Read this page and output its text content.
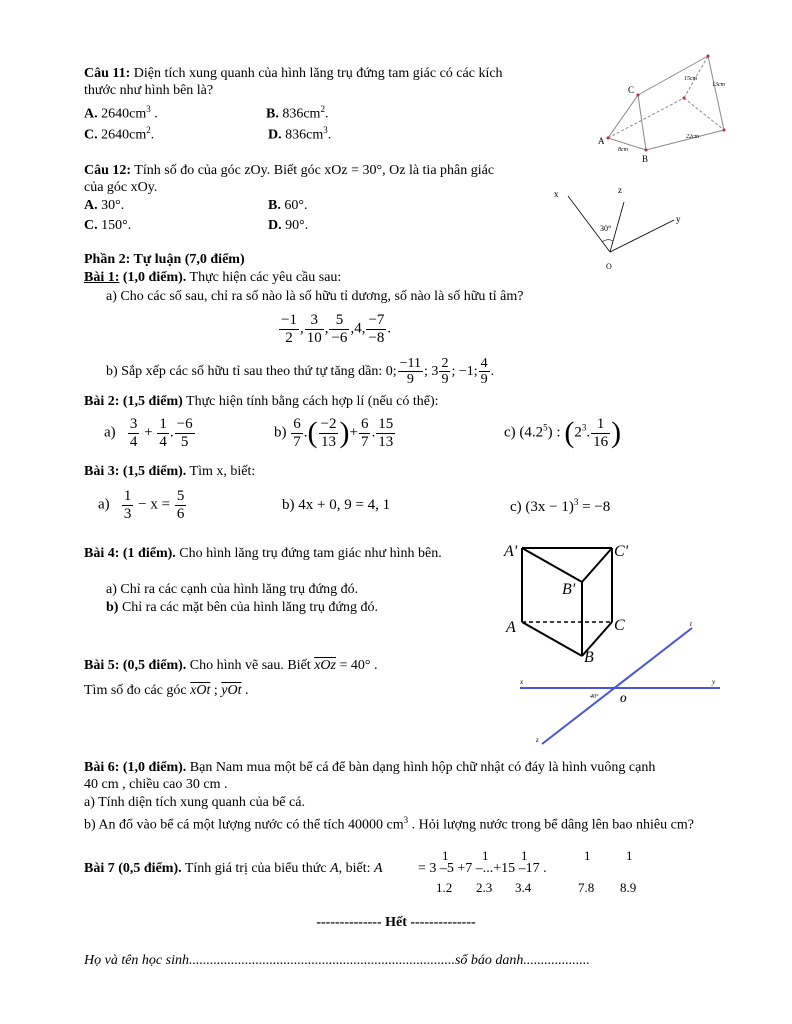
Câu 11: Diện tích xung quanh của hình lăng trụ đứng tam giác có các kích
thước như hình bên là?
A. $2640cm^3$ .	B. $836cm^2$.
C. $2640cm^2$.	D. $836cm^3$.
C
A
B
15cm
13cm
22cm
8cm
Câu 12: Tính số đo của góc zOy. Biết góc xOz = 30°, Oz là tia phân giác
của góc xOy.
A. 30°.	B. 60°.
C. 150°.	D. 90°.
x	z
y
O
30°
Phần 2: Tự luận (7,0 điểm)
Bài 1: (1,0 điểm). Thực hiện các yêu cầu sau:
a) Cho các số sau, chỉ ra số nào là số hữu tỉ dương, số nào là số hữu tỉ âm?
$\frac{-1}{2}$ , $\frac{3}{10}$ , $\frac{5}{-6} ,4$, $\frac{-7}{-8}$ .
b) Sắp xếp các số hữu tỉ sau theo thứ tự tăng dần: 0; $\frac{-11}{9}$ ; $3 \frac{2}{9}$ ; −1; $\frac{4}{9}$ .
Bài 2: (1,5 điểm) Thực hiện tính bằng cách hợp lí (nếu có thể):
$a) \frac{3}{4} + \frac{1}{4}$ . $\frac{-6}{5}$	$b) \frac{6}{7}$ .( $\frac{-2}{13}$ )+ $\frac{6}{7}$ . $\frac{15}{13}$	c) $(4.2^5)$ : ($2^3$. $\frac{1}{16}$ )
Bài 3: (1,5 điểm). Tìm x, biết:
$a) \frac{1}{3} - x = \frac{5}{6}$	b) 4x + 0, 9 = 4, 1	c) $(3x - 1)^3 = -8$
Bài 4: (1 điểm). Cho hình lăng trụ đứng tam giác như hình bên.
a) Chỉ ra các cạnh của hình lăng trụ đứng đó.
b) Chỉ ra các mặt bên của hình lăng trụ đứng đó.
A'	C'
B'
A	C
B
Bài 5: (0,5 điểm). Cho hình vẽ sau. Biết $\overline{xOz} = 40^\circ$ .
Tìm số đo các góc $\overline{xOt}$ ; $\overline{yOt}$ .
x	y
t
z
O
40°
Bài 6: (1,0 điểm). Bạn Nam mua một bể cá để bàn dạng hình hộp chữ nhật có đáy là hình vuông cạnh
40 cm , chiều cao 30 cm .
a) Tính diện tích xung quanh của bể cá.
b) An đổ vào bể cá một lượng nước có thể tích 40000 $cm^3$ . Hỏi lượng nước trong bể dâng lên bao nhiêu cm?
Bài 7 (0,5 điểm). Tính giá trị của biểu thức A, biết: A	= 3 –5 +7 –...+15 –17 .
1
1.2
1
2.3
1
3.4
1
7.8
1
8.9
-------------- Hết --------------
Họ và tên học sinh............................................................................số báo danh...................
